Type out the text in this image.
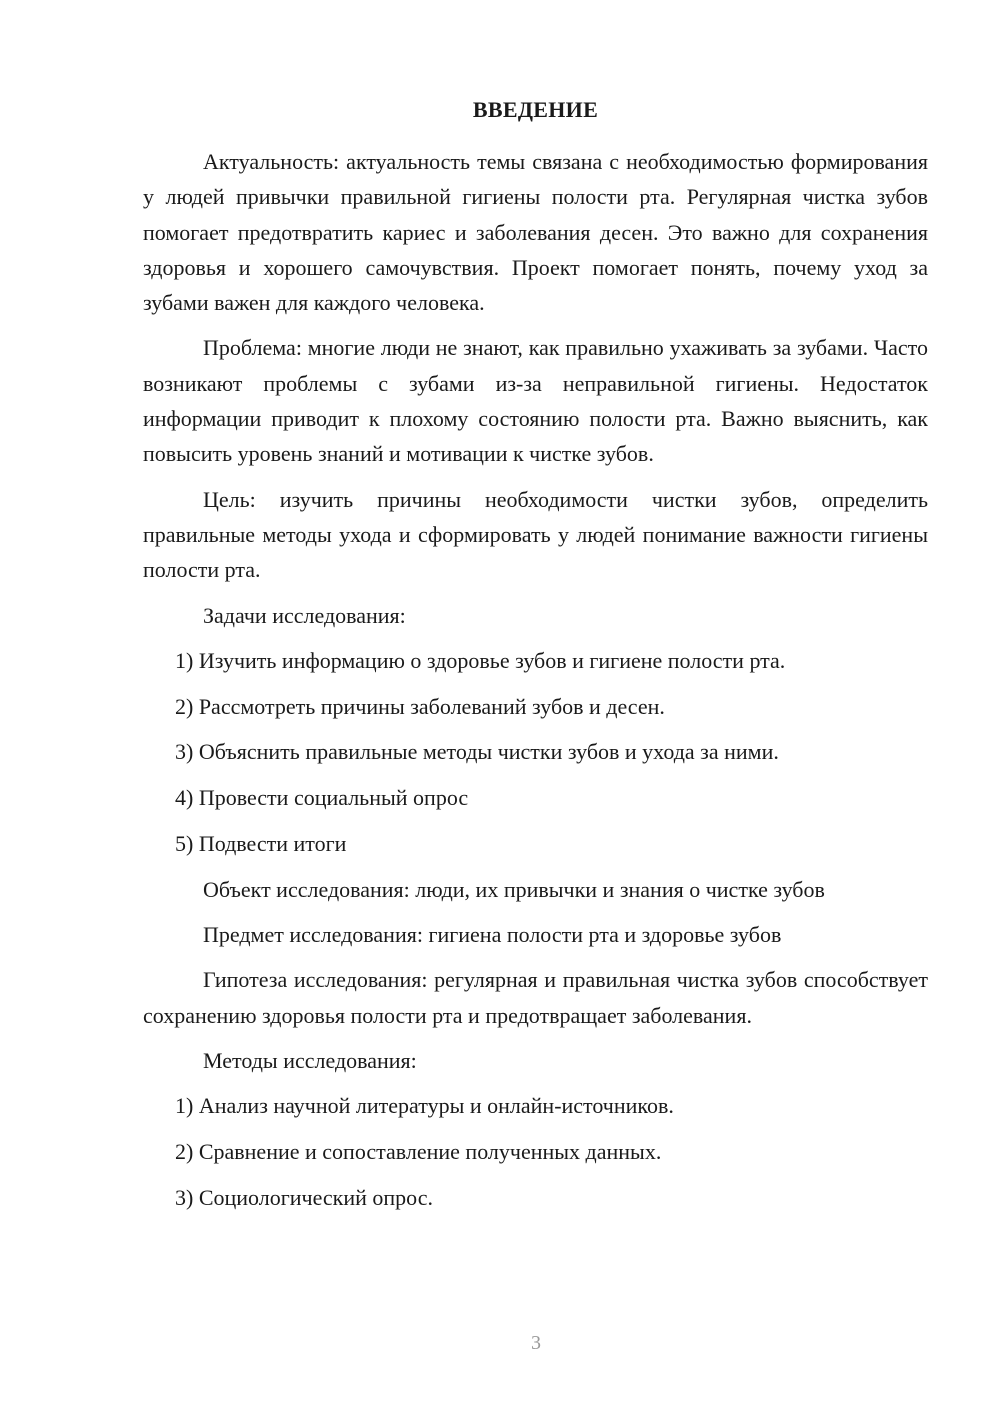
ВВЕДЕНИЕ

Актуальность: актуальность темы связана с необходимостью формирования у людей привычки правильной гигиены полости рта. Регулярная чистка зубов помогает предотвратить кариес и заболевания десен. Это важно для сохранения здоровья и хорошего самочувствия. Проект помогает понять, почему уход за зубами важен для каждого человека.

Проблема: многие люди не знают, как правильно ухаживать за зубами. Часто возникают проблемы с зубами из-за неправильной гигиены. Недостаток информации приводит к плохому состоянию полости рта. Важно выяснить, как повысить уровень знаний и мотивации к чистке зубов.

Цель: изучить причины необходимости чистки зубов, определить правильные методы ухода и сформировать у людей понимание важности гигиены полости рта.

Задачи исследования:

1) Изучить информацию о здоровье зубов и гигиене полости рта.
2) Рассмотреть причины заболеваний зубов и десен.
3) Объяснить правильные методы чистки зубов и ухода за ними.
4) Провести социальный опрос
5) Подвести итоги

Объект исследования: люди, их привычки и знания о чистке зубов

Предмет исследования: гигиена полости рта и здоровье зубов

Гипотеза исследования: регулярная и правильная чистка зубов способствует сохранению здоровья полости рта и предотвращает заболевания.

Методы исследования:

1) Анализ научной литературы и онлайн-источников.
2) Сравнение и сопоставление полученных данных.
3) Социологический опрос.
3
